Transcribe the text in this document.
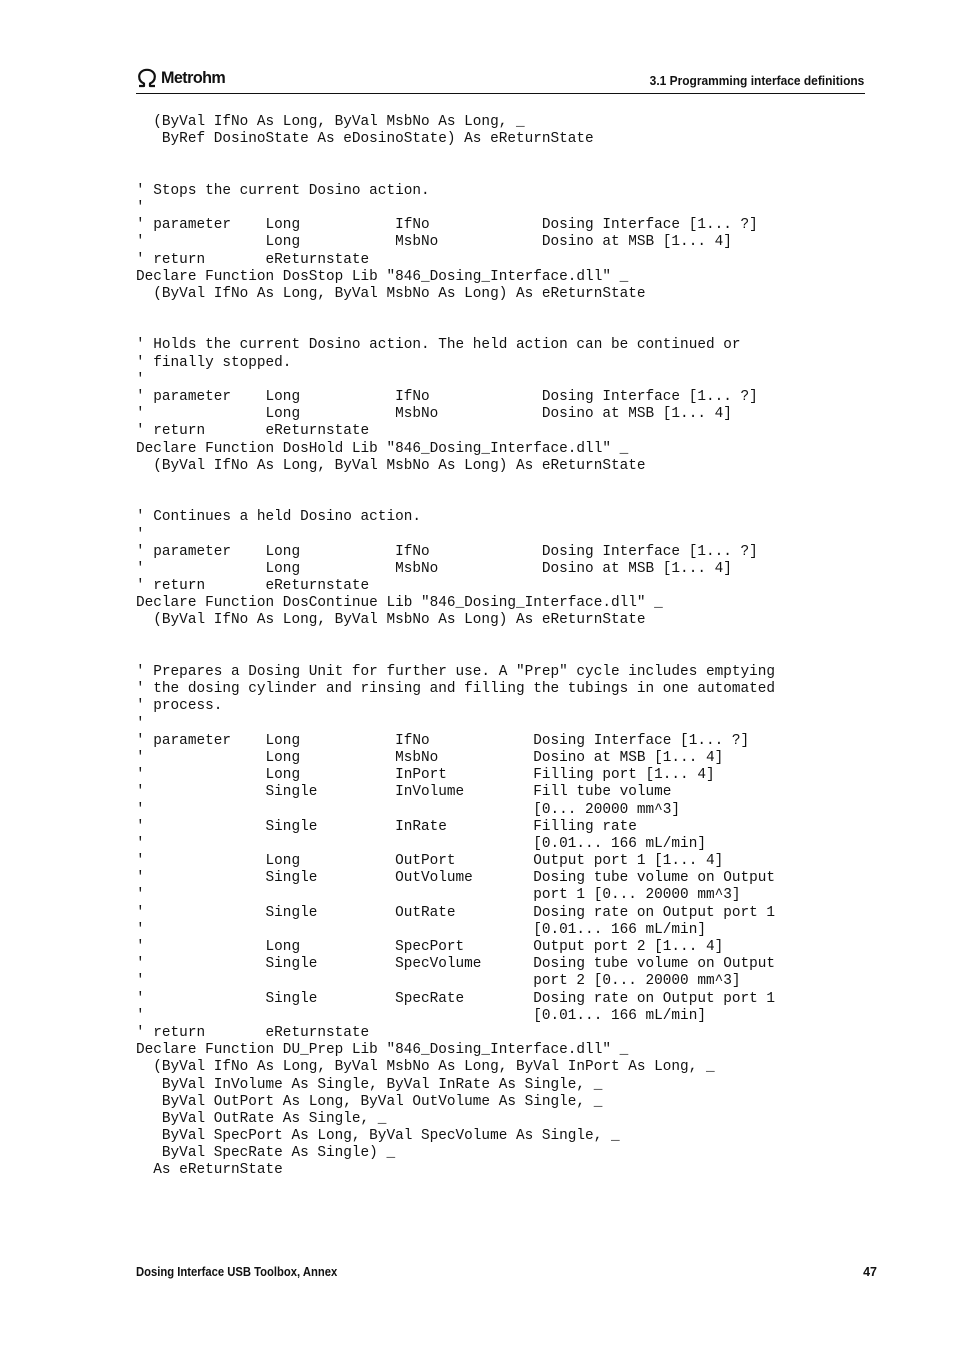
Metrohm	3.1 Programming interface definitions
(ByVal IfNo As Long, ByVal MsbNo As Long, _
ByRef DosinoState As eDosinoState) As eReturnState
' Stops the current Dosino action.
'
' parameter    Long           IfNo             Dosing Interface [1... ?]
'              Long           MsbNo            Dosino at MSB [1... 4]
' return       eReturnstate
Declare Function DosStop Lib "846_Dosing_Interface.dll" _
(ByVal IfNo As Long, ByVal MsbNo As Long) As eReturnState
' Holds the current Dosino action. The held action can be continued or
' finally stopped.
'
' parameter    Long           IfNo             Dosing Interface [1... ?]
'              Long           MsbNo            Dosino at MSB [1... 4]
' return       eReturnstate
Declare Function DosHold Lib "846_Dosing_Interface.dll" _
(ByVal IfNo As Long, ByVal MsbNo As Long) As eReturnState
' Continues a held Dosino action.
'
' parameter    Long           IfNo             Dosing Interface [1... ?]
'              Long           MsbNo            Dosino at MSB [1... 4]
' return       eReturnstate
Declare Function DosContinue Lib "846_Dosing_Interface.dll" _
(ByVal IfNo As Long, ByVal MsbNo As Long) As eReturnState
' Prepares a Dosing Unit for further use. A "Prep" cycle includes emptying
' the dosing cylinder and rinsing and filling the tubings in one automated
' process.
'
' parameter    Long           IfNo            Dosing Interface [1... ?]
'              Long           MsbNo           Dosino at MSB [1... 4]
'              Long           InPort          Filling port [1... 4]
'              Single         InVolume        Fill tube volume
'                                             [0... 20000 mm^3]
'              Single         InRate          Filling rate
'                                             [0.01... 166 mL/min]
'              Long           OutPort         Output port 1 [1... 4]
'              Single         OutVolume       Dosing tube volume on Output
'                                             port 1 [0... 20000 mm^3]
'              Single         OutRate         Dosing rate on Output port 1
'                                             [0.01... 166 mL/min]
'              Long           SpecPort        Output port 2 [1... 4]
'              Single         SpecVolume      Dosing tube volume on Output
'                                             port 2 [0... 20000 mm^3]
'              Single         SpecRate        Dosing rate on Output port 1
'                                             [0.01... 166 mL/min]
' return       eReturnstate
Declare Function DU_Prep Lib "846_Dosing_Interface.dll" _
(ByVal IfNo As Long, ByVal MsbNo As Long, ByVal InPort As Long, _
ByVal InVolume As Single, ByVal InRate As Single, _
ByVal OutPort As Long, ByVal OutVolume As Single, _
ByVal OutRate As Single, _
ByVal SpecPort As Long, ByVal SpecVolume As Single, _
ByVal SpecRate As Single) _
As eReturnState
Dosing Interface USB Toolbox, Annex	47
